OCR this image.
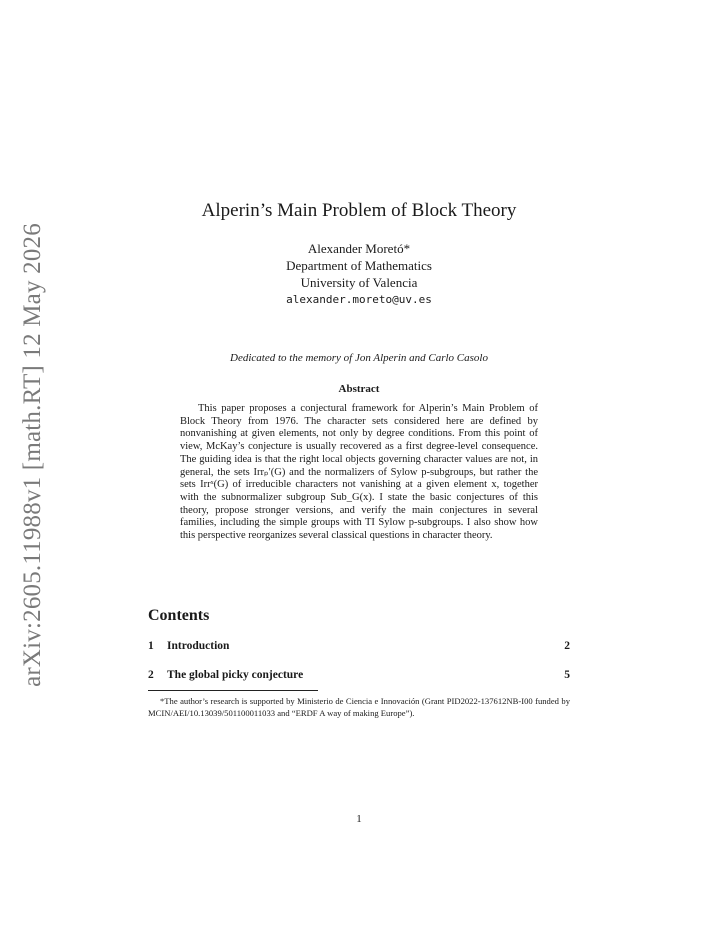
arXiv:2605.11988v1 [math.RT] 12 May 2026
Alperin’s Main Problem of Block Theory
Alexander Moretó*
Department of Mathematics
University of Valencia
alexander.moreto@uv.es
Dedicated to the memory of Jon Alperin and Carlo Casolo
Abstract

This paper proposes a conjectural framework for Alperin’s Main Problem of Block Theory from 1976. The character sets considered here are defined by nonvanishing at given elements, not only by degree conditions. From this point of view, McKay’s conjecture is usually recovered as a first degree-level consequence. The guiding idea is that the right local objects governing character values are not, in general, the sets Irrₚ′(G) and the normalizers of Sylow p-subgroups, but rather the sets Irrˣ(G) of irreducible characters not vanishing at a given element x, together with the subnormalizer subgroup Sub_G(x). I state the basic conjectures of this theory, propose stronger versions, and verify the main conjectures in several families, including the simple groups with TI Sylow p-subgroups. I also show how this perspective reorganizes several classical questions in character theory.

Contents
1	Introduction	2
2	The global picky conjecture	5

*The author’s research is supported by Ministerio de Ciencia e Innovación (Grant PID2022-137612NB-I00 funded by MCIN/AEI/10.13039/501100011033 and “ERDF A way of making Europe”).

1
